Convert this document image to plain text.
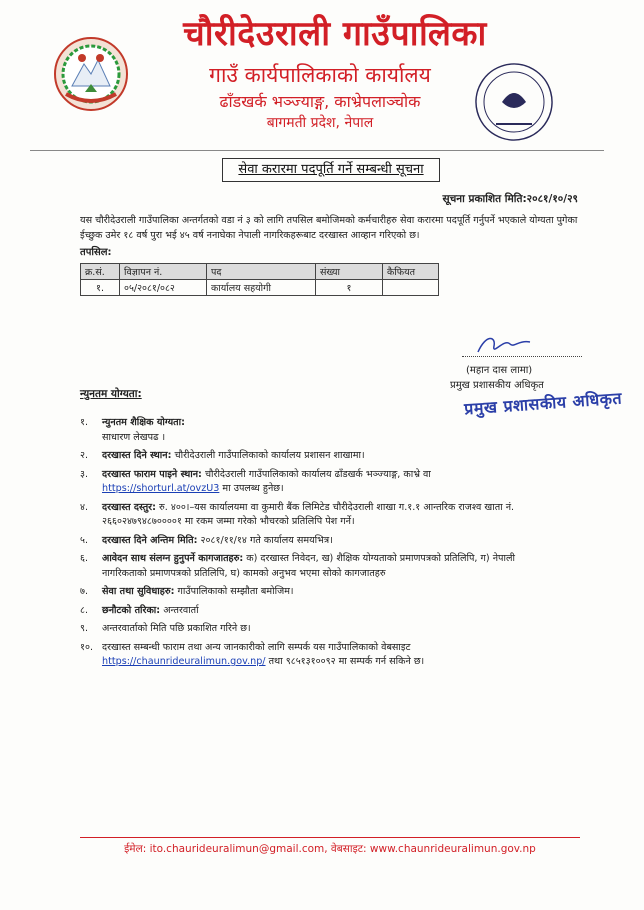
चौरीदेउराली गाउँपालिका
गाउँ कार्यपालिकाको कार्यालय
ढाँडखर्क भञ्ज्याङ्ग, काभ्रेपलाञ्चोक
बागमती प्रदेश, नेपाल
सेवा करारमा पदपूर्ति गर्ने सम्बन्धी सूचना
सूचना प्रकाशित मिति:२०८१/१०/२९
यस चौरीदेउराली गाउँपालिका अन्तर्गतको वडा नं ३ को लागि तपसिल बमोजिमको कर्मचारीहरु सेवा करारमा पदपूर्ति गर्नुपर्ने भएकाले योग्यता पुगेका ईच्छुक उमेर १८ वर्ष पुरा भई ४५ वर्ष ननाघेका नेपाली नागरिकहरूबाट दरखास्त आव्हान गरिएको छ।
तपसिल:
क्र.सं.	विज्ञापन नं.	पद	संख्या	कैफियत
१.	०५/२०८१/०८२	कार्यालय सहयोगी	१	
(महान दास लामा)
प्रमुख प्रशासकीय अधिकृत
प्रमुख प्रशासकीय अधिकृत
न्युनतम योग्यता:
१. न्युनतम शैक्षिक योग्यता:
साधारण लेखपढ ।
२. दरखास्त दिने स्थान: चौरीदेउराली गाउँपालिकाको कार्यालय प्रशासन शाखामा।
३. दरखास्त फाराम पाइने स्थान: चौरीदेउराली गाउँपालिकाको कार्यालय ढाँडखर्क भञ्ज्याङ्ग, काभ्रे वा
https://shorturl.at/ovzU3 मा उपलब्ध हुनेछ।
४. दरखास्त दस्तुर: रु. ४००।–यस कार्यालयमा वा कुमारी बैंक लिमिटेड चौरीदेउराली शाखा ग.१.१ आन्तरिक राजश्व खाता नं. २६६०२४७९४८७००००१ मा रकम जम्मा गरेको भौचरको प्रतिलिपि पेश गर्ने।
५. दरखास्त दिने अन्तिम मिति: २०८१/११/१४ गते कार्यालय समयभित्र।
६. आवेदन साथ संलग्न हुनुपर्ने कागजातहरु: क) दरखास्त निवेदन, ख) शैक्षिक योग्यताको प्रमाणपत्रको प्रतिलिपि, ग) नेपाली नागरिकताको प्रमाणपत्रको प्रतिलिपि, घ) कामको अनुभव भएमा सोको कागजातहरु
७. सेवा तथा सुविधाहरु: गाउँपालिकाको सम्झौता बमोजिम।
८. छनौटको तरिका: अन्तरवार्ता
९. अन्तरवार्ताको मिति पछि प्रकाशित गरिने छ।
१०. दरखास्त सम्बन्धी फाराम तथा अन्य जानकारीको लागि सम्पर्क यस गाउँपालिकाको वेबसाइट
https://chaunrideuralimun.gov.np/ तथा ९८५१३१००९२ मा सम्पर्क गर्न सकिने छ।
ईमेल: ito.chaurideuralimun@gmail.com, वेबसाइट: www.chaunrideuralimun.gov.np
